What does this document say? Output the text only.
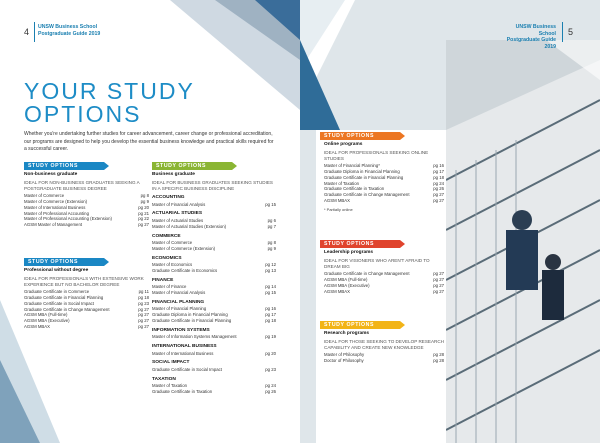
4 UNSW Business School
Postgraduate Guide 2019
YOUR STUDY
OPTIONS
Whether you're undertaking further studies for career advancement, career change or professional accreditation, our programs are designed to help you develop the essential business knowledge and practical skills required for a successful career.
STUDY OPTIONS
Non-business graduate
IDEAL FOR NON-BUSINESS GRADUATES SEEKING A POSTGRADUATE BUSINESS DEGREE
Master of Commerce	pg 8
Master of Commerce (Extension)	pg 9
Master of International Business	pg 20
Master of Professional Accounting	pg 21
Master of Professional Accounting (Extension)	pg 22
AGSM Master of Management	pg 27
STUDY OPTIONS
Professional without degree
IDEAL FOR PROFESSIONALS WITH EXTENSIVE WORK EXPERIENCE BUT NO BACHELOR DEGREE
Graduate Certificate in Commerce	pg 11
Graduate Certificate in Financial Planning	pg 18
Graduate Certificate in Social Impact	pg 23
Graduate Certificate in Change Management	pg 27
AGSM MBA (Full-time)	pg 27
AGSM MBA (Executive)	pg 27
AGSM MBAX	pg 27
STUDY OPTIONS
Business graduate
IDEAL FOR BUSINESS GRADUATES SEEKING STUDIES IN A SPECIFIC BUSINESS DISCIPLINE
ACCOUNTING
Master of Financial Analysis	pg 15
ACTUARIAL STUDIES
Master of Actuarial Studies	pg 6
Master of Actuarial Studies (Extension)	pg 7
COMMERCE
Master of Commerce	pg 8
Master of Commerce (Extension)	pg 9
ECONOMICS
Master of Economics	pg 12
Graduate Certificate in Economics	pg 13
FINANCE
Master of Finance	pg 14
Master of Financial Analysis	pg 15
FINANCIAL PLANNING
Master of Financial Planning	pg 16
Graduate Diploma in Financial Planning	pg 17
Graduate Certificate in Financial Planning	pg 18
INFORMATION SYSTEMS
Master of Information Systems Management	pg 19
INTERNATIONAL BUSINESS
Master of International Business	pg 20
SOCIAL IMPACT
Graduate Certificate in Social Impact	pg 23
TAXATION
Master of Taxation	pg 24
Graduate Certificate in Taxation	pg 26
UNSW Business School
Postgraduate Guide 2019
5
STUDY OPTIONS
Online programs
IDEAL FOR PROFESSIONALS SEEKING ONLINE STUDIES
Master of Financial Planning*	pg 16
Graduate Diploma in Financial Planning	pg 17
Graduate Certificate in Financial Planning	pg 18
Master of Taxation	pg 24
Graduate Certificate in Taxation	pg 26
Graduate Certificate in Change Management	pg 27
AGSM MBAX	pg 27
* Partially online
STUDY OPTIONS
Leadership programs
IDEAL FOR VISIONERS WHO AREN'T AFRAID TO DREAM BIG
Graduate Certificate in Change Management	pg 27
AGSM MBA (Full-time)	pg 27
AGSM MBA (Executive)	pg 27
AGSM MBAX	pg 27
STUDY OPTIONS
Research programs
IDEAL FOR THOSE SEEKING TO DEVELOP RESEARCH CAPABILITY AND CREATE NEW KNOWLEDGE
Master of Philosophy	pg 28
Doctor of Philosophy	pg 28
